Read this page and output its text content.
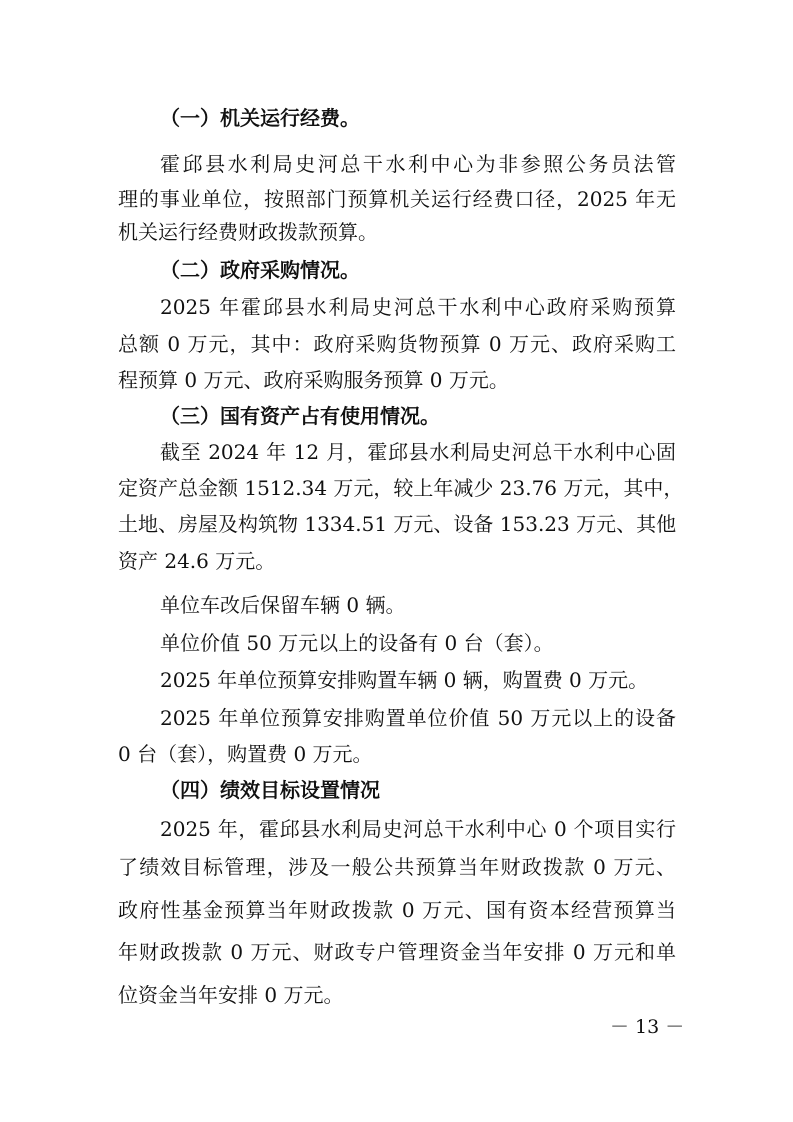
（一）机关运行经费。
霍邱县水利局史河总干水利中心为非参照公务员法管
理的事业单位，按照部门预算机关运行经费口径，2025 年无
机关运行经费财政拨款预算。
（二）政府采购情况。
2025 年霍邱县水利局史河总干水利中心政府采购预算
总额 0 万元，其中：政府采购货物预算 0 万元、政府采购工
程预算 0 万元、政府采购服务预算 0 万元。
（三）国有资产占有使用情况。
截至 2024 年 12 月，霍邱县水利局史河总干水利中心固
定资产总金额 1512.34 万元，较上年减少 23.76 万元，其中，
土地、房屋及构筑物 1334.51 万元、设备 153.23 万元、其他
资产 24.6 万元。
单位车改后保留车辆 0 辆。
单位价值 50 万元以上的设备有 0 台（套）。
2025 年单位预算安排购置车辆 0 辆，购置费 0 万元。
2025 年单位预算安排购置单位价值 50 万元以上的设备
0 台（套），购置费 0 万元。
（四）绩效目标设置情况
2025 年，霍邱县水利局史河总干水利中心 0 个项目实行
了绩效目标管理，涉及一般公共预算当年财政拨款 0 万元、
政府性基金预算当年财政拨款 0 万元、国有资本经营预算当
年财政拨款 0 万元、财政专户管理资金当年安排 0 万元和单
位资金当年安排 0 万元。
－ 13 －
